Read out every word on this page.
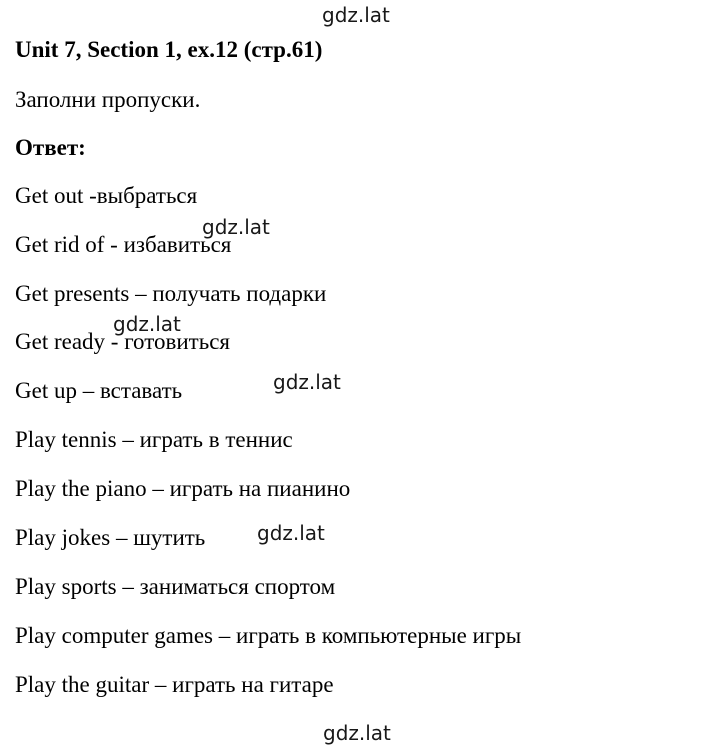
gdz.lat
gdz.lat
gdz.lat
gdz.lat
gdz.lat
gdz.lat

Unit 7, Section 1, ex.12 (стр.61)

Заполни пропуски.

Ответ:

Get out -выбраться

Get rid of - избавиться

Get presents – получать подарки

Get ready - готовиться

Get up – вставать

Play tennis – играть в теннис

Play the piano – играть на пианино

Play jokes – шутить

Play sports – заниматься спортом

Play computer games – играть в компьютерные игры

Play the guitar – играть на гитаре
